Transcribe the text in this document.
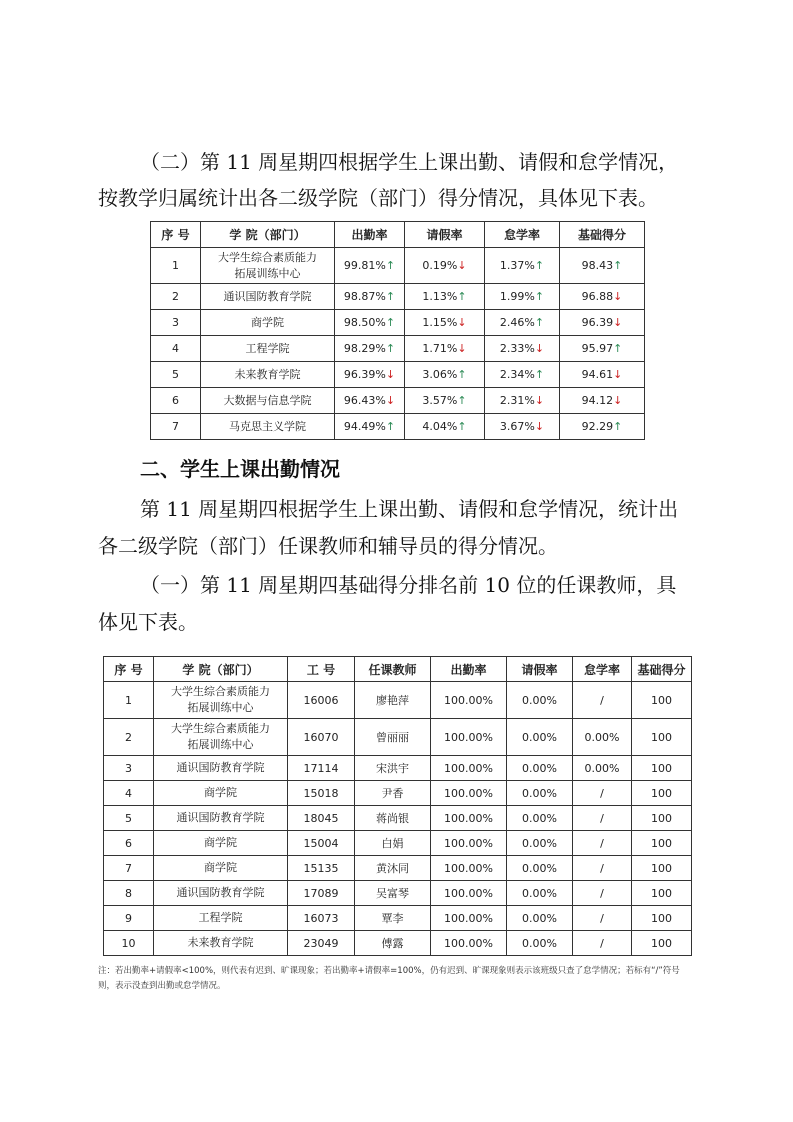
（二）第 11 周星期四根据学生上课出勤、请假和怠学情况，

按教学归属统计出各二级学院（部门）得分情况，具体见下表。

序 号	学 院（部门）	出勤率	请假率	怠学率	基础得分
1	大学生综合素质能力
拓展训练中心	99.81%↑	0.19%↓	1.37%↑	98.43↑
2	通识国防教育学院	98.87%↑	1.13%↑	1.99%↑	96.88↓
3	商学院	98.50%↑	1.15%↓	2.46%↑	96.39↓
4	工程学院	98.29%↑	1.71%↓	2.33%↓	95.97↑
5	未来教育学院	96.39%↓	3.06%↑	2.34%↑	94.61↓
6	大数据与信息学院	96.43%↓	3.57%↑	2.31%↓	94.12↓
7	马克思主义学院	94.49%↑	4.04%↑	3.67%↓	92.29↑
二、学生上课出勤情况

第 11 周星期四根据学生上课出勤、请假和怠学情况，统计出

各二级学院（部门）任课教师和辅导员的得分情况。

（一）第 11 周星期四基础得分排名前 10 位的任课教师，具

体见下表。

序 号	学 院（部门）	工 号	任课教师	出勤率	请假率	怠学率	基础得分
1	大学生综合素质能力
拓展训练中心	16006	廖艳萍	100.00%	0.00%	/	100
2	大学生综合素质能力
拓展训练中心	16070	曾丽丽	100.00%	0.00%	0.00%	100
3	通识国防教育学院	17114	宋洪宇	100.00%	0.00%	0.00%	100
4	商学院	15018	尹香	100.00%	0.00%	/	100
5	通识国防教育学院	18045	蒋尚银	100.00%	0.00%	/	100
6	商学院	15004	白娟	100.00%	0.00%	/	100
7	商学院	15135	黄沐同	100.00%	0.00%	/	100
8	通识国防教育学院	17089	吴富琴	100.00%	0.00%	/	100
9	工程学院	16073	覃李	100.00%	0.00%	/	100
10	未来教育学院	23049	傅露	100.00%	0.00%	/	100

注：若出勤率+请假率<100%，则代表有迟到、旷课现象；若出勤率+请假率=100%，仍有迟到、旷课现象则表示该班级只查了怠学情况；若标有“/”符号
则，表示没查到出勤或怠学情况。
